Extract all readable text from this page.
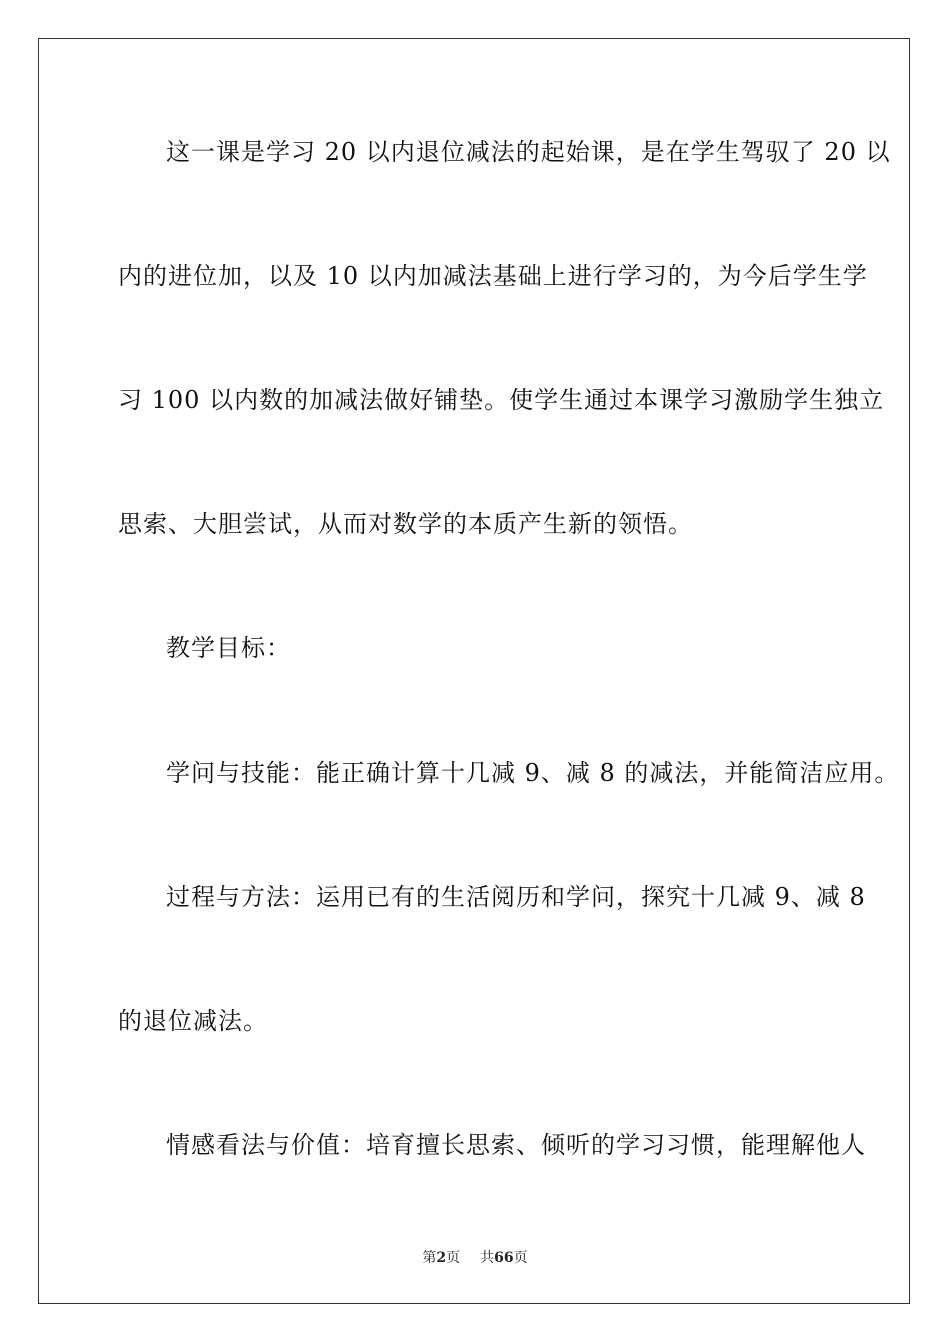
这一课是学习 20 以内退位减法的起始课，是在学生驾驭了 20 以
内的进位加，以及 10 以内加减法基础上进行学习的，为今后学生学
习 100 以内数的加减法做好铺垫。使学生通过本课学习激励学生独立
思索、大胆尝试，从而对数学的本质产生新的领悟。
教学目标：
学问与技能：能正确计算十几减 9、减 8 的减法，并能简洁应用。
过程与方法：运用已有的生活阅历和学问，探究十几减 9、减 8
的退位减法。
情感看法与价值：培育擅长思索、倾听的学习习惯，能理解他人
第2页 共66页
